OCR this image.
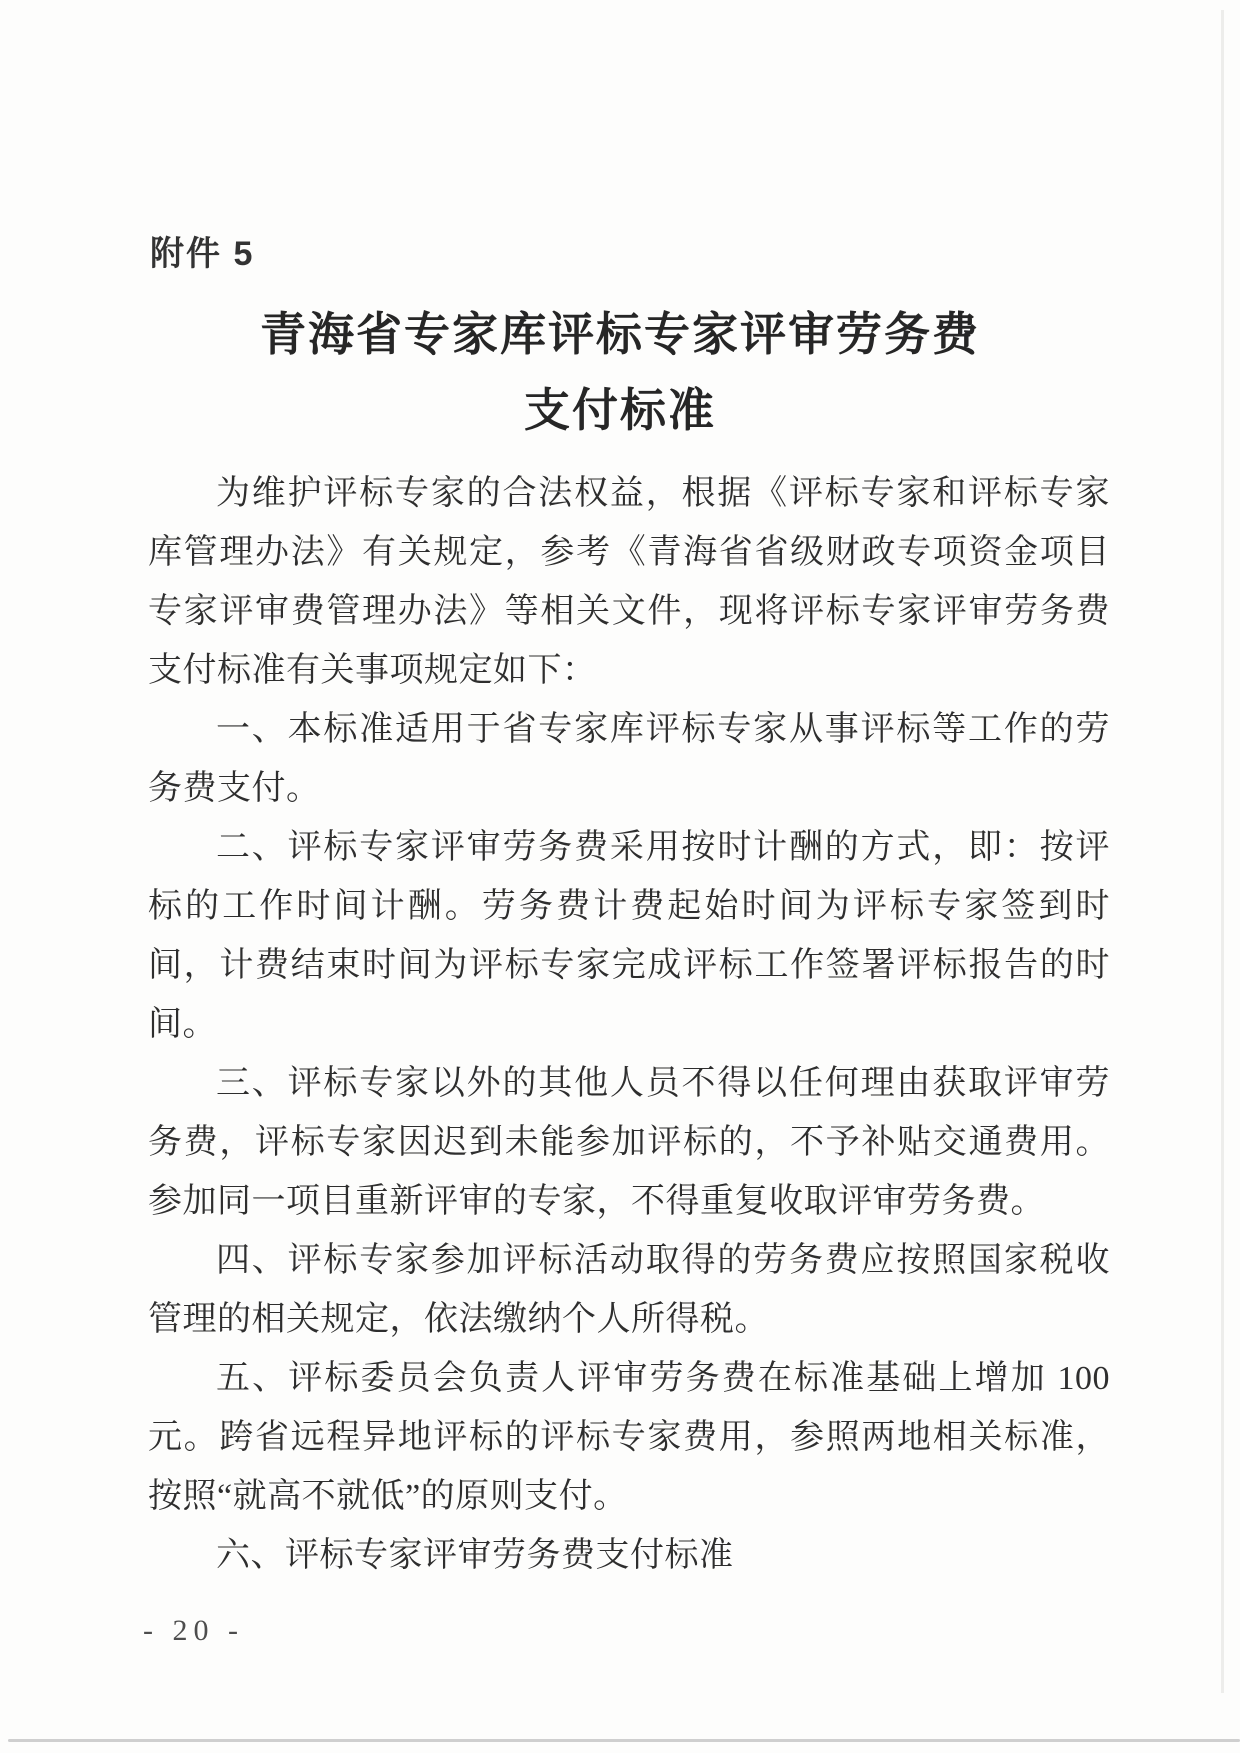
附件 5
青海省专家库评标专家评审劳务费
支付标准

为维护评标专家的合法权益，根据《评标专家和评标专家库管理办法》有关规定，参考《青海省省级财政专项资金项目专家评审费管理办法》等相关文件，现将评标专家评审劳务费支付标准有关事项规定如下：

一、本标准适用于省专家库评标专家从事评标等工作的劳务费支付。

二、评标专家评审劳务费采用按时计酬的方式，即：按评标的工作时间计酬。劳务费计费起始时间为评标专家签到时间，计费结束时间为评标专家完成评标工作签署评标报告的时间。

三、评标专家以外的其他人员不得以任何理由获取评审劳务费，评标专家因迟到未能参加评标的，不予补贴交通费用。参加同一项目重新评审的专家，不得重复收取评审劳务费。

四、评标专家参加评标活动取得的劳务费应按照国家税收管理的相关规定，依法缴纳个人所得税。

五、评标委员会负责人评审劳务费在标准基础上增加 100 元。跨省远程异地评标的评标专家费用，参照两地相关标准，按照“就高不就低”的原则支付。

六、评标专家评审劳务费支付标准

- 20 -
